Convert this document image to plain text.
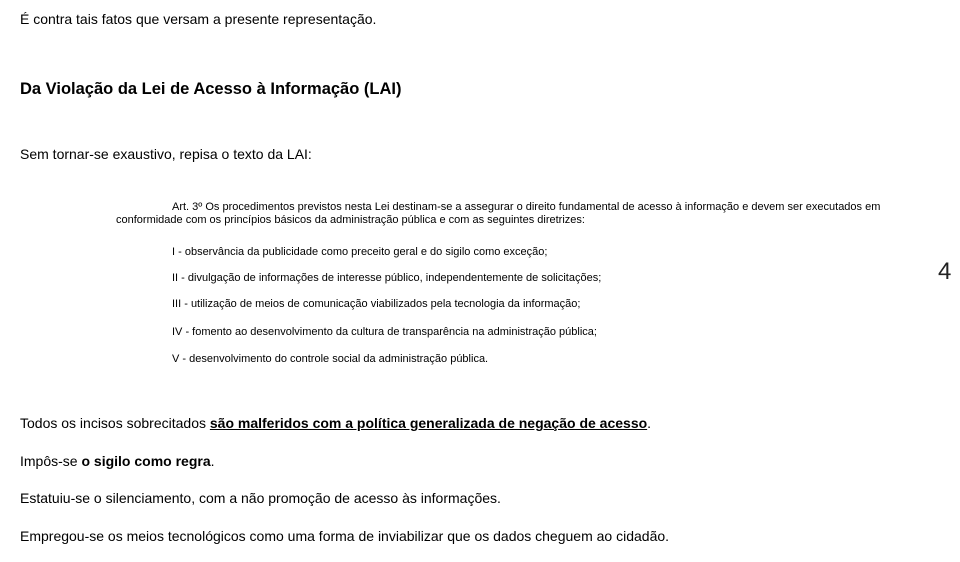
É contra tais fatos que versam a presente representação.
Da Violação da Lei de Acesso à Informação (LAI)
Sem tornar-se exaustivo, repisa o texto da LAI:

Art. 3º Os procedimentos previstos nesta Lei destinam-se a assegurar o direito fundamental de acesso à informação e devem ser executados em conformidade com os princípios básicos da administração pública e com as seguintes diretrizes:

I - observância da publicidade como preceito geral e do sigilo como exceção;
II - divulgação de informações de interesse público, independentemente de solicitações;
III - utilização de meios de comunicação viabilizados pela tecnologia da informação;
IV - fomento ao desenvolvimento da cultura de transparência na administração pública;
V - desenvolvimento do controle social da administração pública.
4
Todos os incisos sobrecitados são malferidos com a política generalizada de negação de acesso.
Impôs-se o sigilo como regra.
Estatuiu-se o silenciamento, com a não promoção de acesso às informações.
Empregou-se os meios tecnológicos como uma forma de inviabilizar que os dados cheguem ao cidadão.
